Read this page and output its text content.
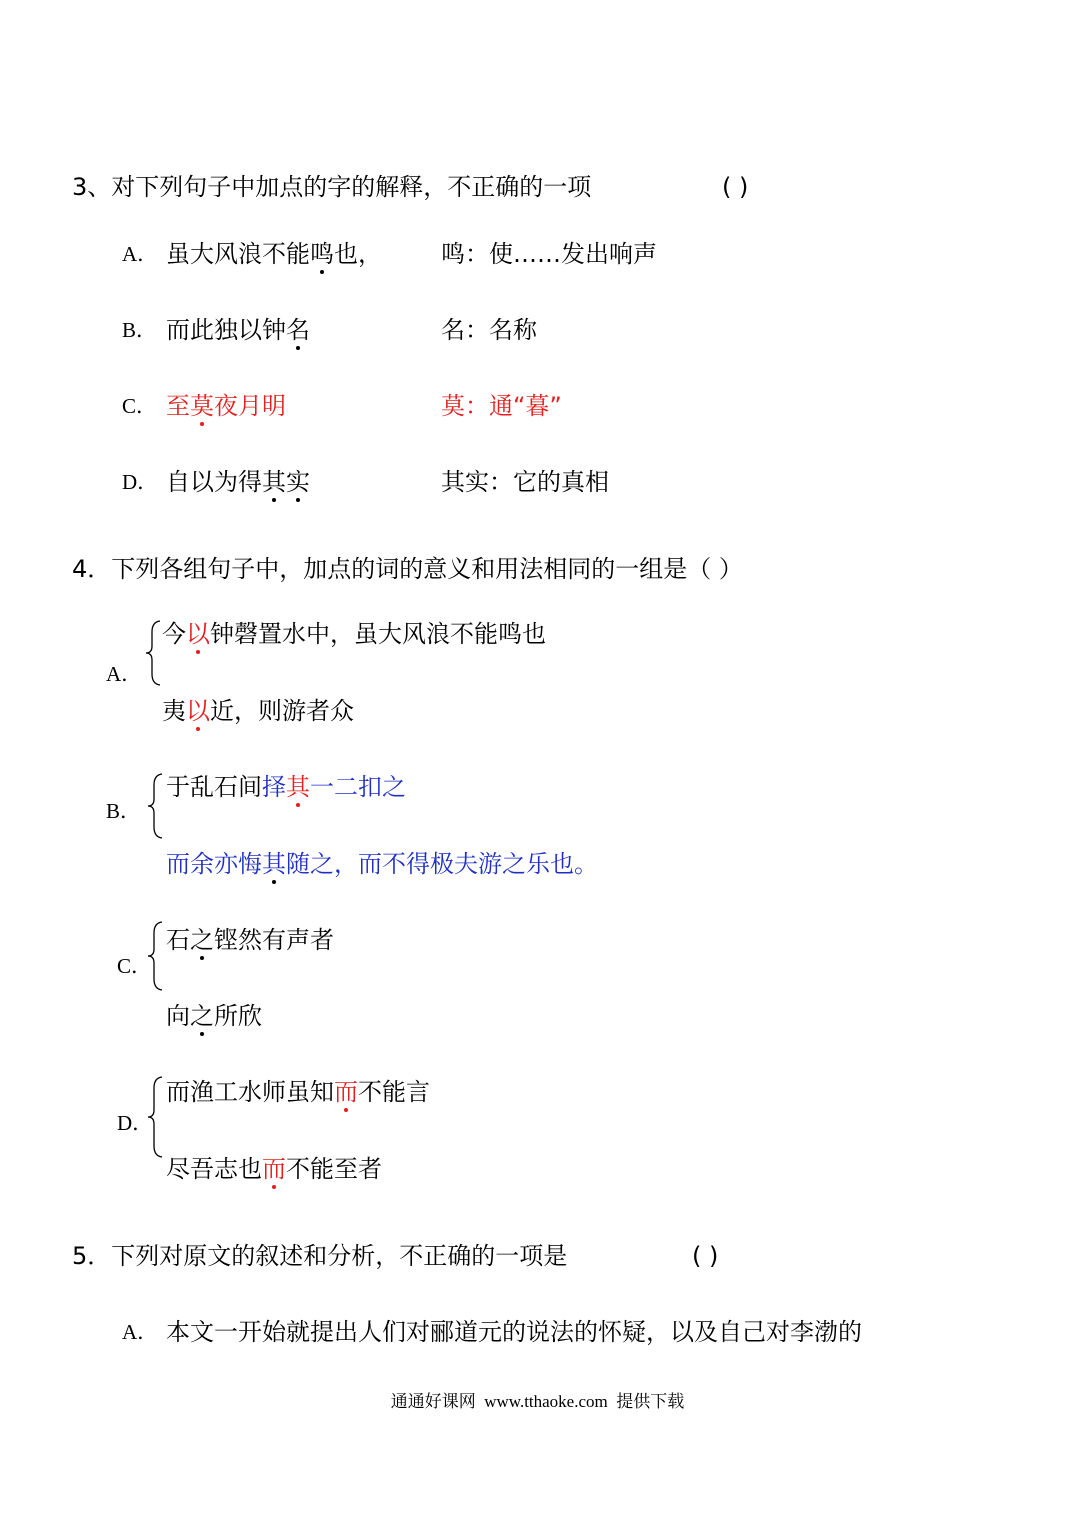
3、对下列句子中加点的字的解释，不正确的一项	( )
A． 虽大风浪不能鸣也， 鸣：使……发出响声
B． 而此独以钟名	名：名称
C． 至莫夜月明	莫：通“暮”
D． 自以为得其实	其实：它的真相
4．下列各组句子中，加点的词的意义和用法相同的一组是（ ）
A．
今以钟磬置水中，虽大风浪不能鸣也
夷以近，则游者众
B．
于乱石间择其一二扣之
而余亦悔其随之，而不得极夫游之乐也。
C．
石之铿然有声者
向之所欣
D．
而渔工水师虽知而不能言
尽吾志也而不能至者
5．下列对原文的叙述和分析，不正确的一项是	( )
A． 本文一开始就提出人们对郦道元的说法的怀疑，以及自己对李渤的
通通好课网  www.tthaoke.com  提供下载
